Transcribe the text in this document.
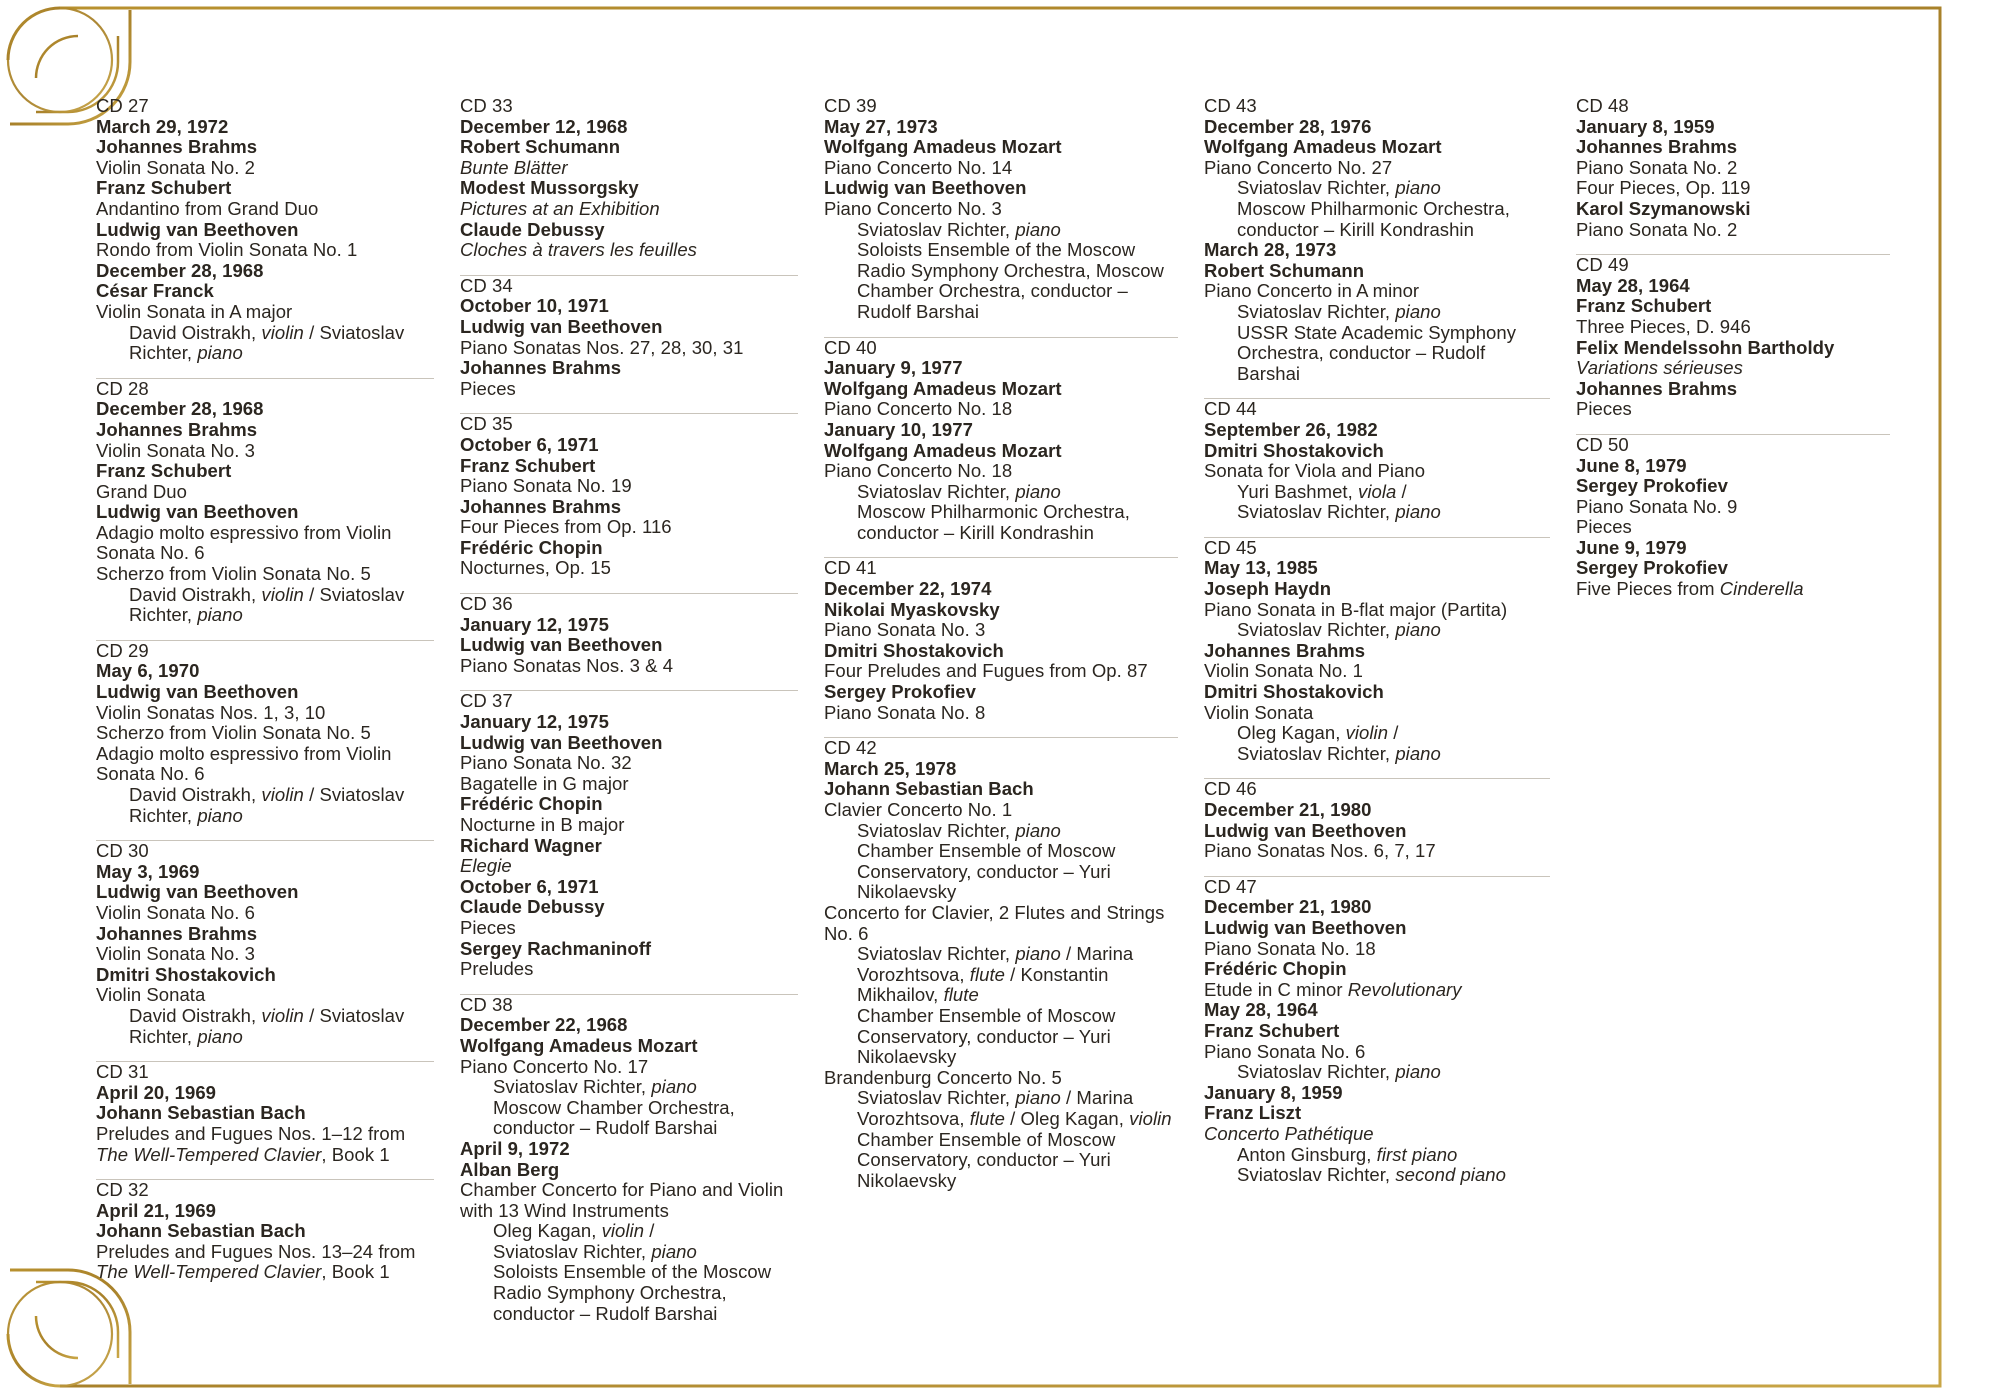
CD 27
March 29, 1972
Johannes Brahms
Violin Sonata No. 2
Franz Schubert
Andantino from Grand Duo
Ludwig van Beethoven
Rondo from Violin Sonata No. 1
December 28, 1968
César Franck
Violin Sonata in A major
David Oistrakh, violin / Sviatoslav Richter, piano
CD 28
December 28, 1968
Johannes Brahms
Violin Sonata No. 3
Franz Schubert
Grand Duo
Ludwig van Beethoven
Adagio molto espressivo from Violin Sonata No. 6
Scherzo from Violin Sonata No. 5
David Oistrakh, violin / Sviatoslav Richter, piano
CD 29
May 6, 1970
Ludwig van Beethoven
Violin Sonatas Nos. 1, 3, 10
Scherzo from Violin Sonata No. 5
Adagio molto espressivo from Violin Sonata No. 6
David Oistrakh, violin / Sviatoslav Richter, piano
CD 30
May 3, 1969
Ludwig van Beethoven
Violin Sonata No. 6
Johannes Brahms
Violin Sonata No. 3
Dmitri Shostakovich
Violin Sonata
David Oistrakh, violin / Sviatoslav Richter, piano
CD 31
April 20, 1969
Johann Sebastian Bach
Preludes and Fugues Nos. 1–12 from The Well-Tempered Clavier, Book 1
CD 32
April 21, 1969
Johann Sebastian Bach
Preludes and Fugues Nos. 13–24 from The Well-Tempered Clavier, Book 1
CD 33
December 12, 1968
Robert Schumann
Bunte Blätter
Modest Mussorgsky
Pictures at an Exhibition
Claude Debussy
Cloches à travers les feuilles
CD 34
October 10, 1971
Ludwig van Beethoven
Piano Sonatas Nos. 27, 28, 30, 31
Johannes Brahms
Pieces
CD 35
October 6, 1971
Franz Schubert
Piano Sonata No. 19
Johannes Brahms
Four Pieces from Op. 116
Frédéric Chopin
Nocturnes, Op. 15
CD 36
January 12, 1975
Ludwig van Beethoven
Piano Sonatas Nos. 3 & 4
CD 37
January 12, 1975
Ludwig van Beethoven
Piano Sonata No. 32
Bagatelle in G major
Frédéric Chopin
Nocturne in B major
Richard Wagner
Elegie
October 6, 1971
Claude Debussy
Pieces
Sergey Rachmaninoff
Preludes
CD 38
December 22, 1968
Wolfgang Amadeus Mozart
Piano Concerto No. 17
Sviatoslav Richter, piano
Moscow Chamber Orchestra, conductor – Rudolf Barshai
April 9, 1972
Alban Berg
Chamber Concerto for Piano and Violin with 13 Wind Instruments
Oleg Kagan, violin /
Sviatoslav Richter, piano
Soloists Ensemble of the Moscow Radio Symphony Orchestra, conductor – Rudolf Barshai
CD 39
May 27, 1973
Wolfgang Amadeus Mozart
Piano Concerto No. 14
Ludwig van Beethoven
Piano Concerto No. 3
Sviatoslav Richter, piano
Soloists Ensemble of the Moscow Radio Symphony Orchestra, Moscow Chamber Orchestra, conductor – Rudolf Barshai
CD 40
January 9, 1977
Wolfgang Amadeus Mozart
Piano Concerto No. 18
January 10, 1977
Wolfgang Amadeus Mozart
Piano Concerto No. 18
Sviatoslav Richter, piano
Moscow Philharmonic Orchestra, conductor – Kirill Kondrashin
CD 41
December 22, 1974
Nikolai Myaskovsky
Piano Sonata No. 3
Dmitri Shostakovich
Four Preludes and Fugues from Op. 87
Sergey Prokofiev
Piano Sonata No. 8
CD 42
March 25, 1978
Johann Sebastian Bach
Clavier Concerto No. 1
Sviatoslav Richter, piano
Chamber Ensemble of Moscow Conservatory, conductor – Yuri Nikolaevsky
Concerto for Clavier, 2 Flutes and Strings No. 6
Sviatoslav Richter, piano / Marina Vorozhtsova, flute / Konstantin Mikhailov, flute
Chamber Ensemble of Moscow Conservatory, conductor – Yuri Nikolaevsky
Brandenburg Concerto No. 5
Sviatoslav Richter, piano / Marina Vorozhtsova, flute / Oleg Kagan, violin
Chamber Ensemble of Moscow Conservatory, conductor – Yuri Nikolaevsky
CD 43
December 28, 1976
Wolfgang Amadeus Mozart
Piano Concerto No. 27
Sviatoslav Richter, piano
Moscow Philharmonic Orchestra, conductor – Kirill Kondrashin
March 28, 1973
Robert Schumann
Piano Concerto in A minor
Sviatoslav Richter, piano
USSR State Academic Symphony Orchestra, conductor – Rudolf Barshai
CD 44
September 26, 1982
Dmitri Shostakovich
Sonata for Viola and Piano
Yuri Bashmet, viola /
Sviatoslav Richter, piano
CD 45
May 13, 1985
Joseph Haydn
Piano Sonata in B-flat major (Partita)
Sviatoslav Richter, piano
Johannes Brahms
Violin Sonata No. 1
Dmitri Shostakovich
Violin Sonata
Oleg Kagan, violin /
Sviatoslav Richter, piano
CD 46
December 21, 1980
Ludwig van Beethoven
Piano Sonatas Nos. 6, 7, 17
CD 47
December 21, 1980
Ludwig van Beethoven
Piano Sonata No. 18
Frédéric Chopin
Etude in C minor Revolutionary
May 28, 1964
Franz Schubert
Piano Sonata No. 6
Sviatoslav Richter, piano
January 8, 1959
Franz Liszt
Concerto Pathétique
Anton Ginsburg, first piano
Sviatoslav Richter, second piano
CD 48
January 8, 1959
Johannes Brahms
Piano Sonata No. 2
Four Pieces, Op. 119
Karol Szymanowski
Piano Sonata No. 2
CD 49
May 28, 1964
Franz Schubert
Three Pieces, D. 946
Felix Mendelssohn Bartholdy
Variations sérieuses
Johannes Brahms
Pieces
CD 50
June 8, 1979
Sergey Prokofiev
Piano Sonata No. 9
Pieces
June 9, 1979
Sergey Prokofiev
Five Pieces from Cinderella
